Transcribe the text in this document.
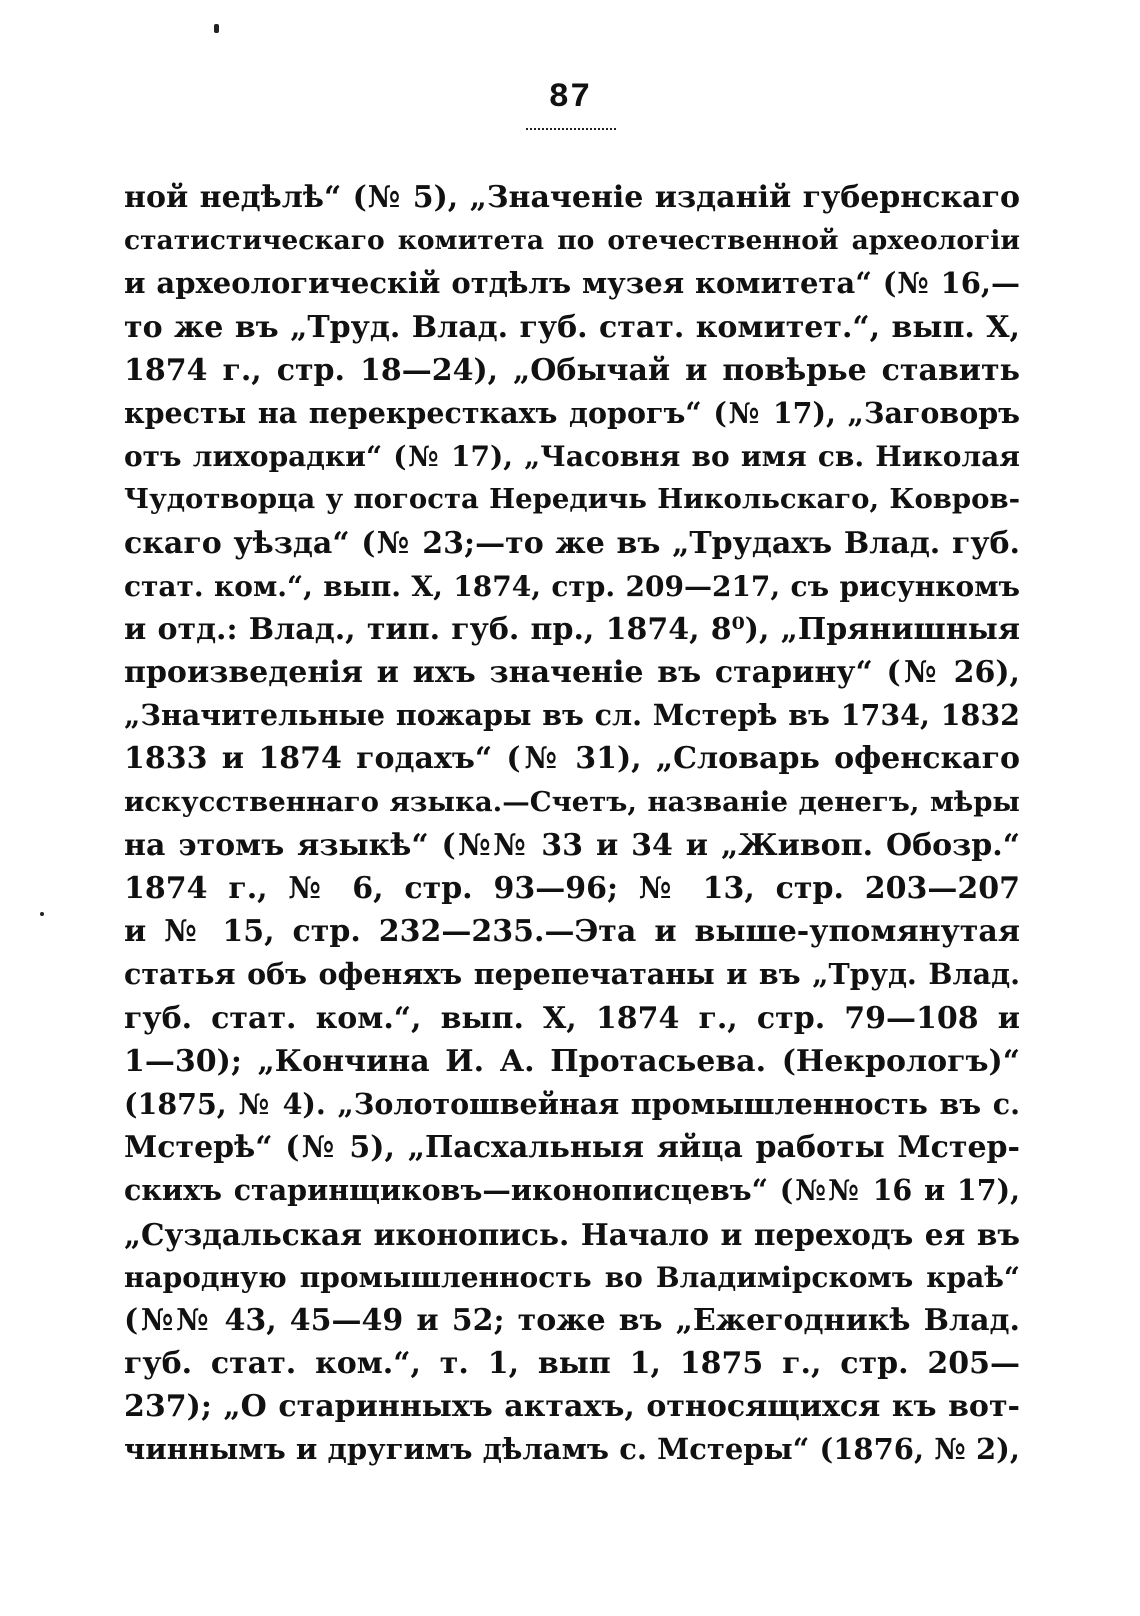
87
ной недѣлѣ“ (№ 5), „Значеніе изданій губернскаго
статистическаго комитета по отечественной археологіи
и археологическій отдѣлъ музея комитета“ (№ 16,—
то же въ „Труд. Влад. губ. стат. комитет.“, вып. X,
1874 г., стр. 18—24), „Обычай и повѣрье ставить
кресты на перекресткахъ дорогъ“ (№ 17), „Заговоръ
отъ лихорадки“ (№ 17), „Часовня во имя св. Николая
Чудотворца у погоста Нередичь Никольскаго, Ковров-
скаго уѣзда“ (№ 23;—то же въ „Трудахъ Влад. губ.
стат. ком.“, вып. X, 1874, стр. 209—217, съ рисункомъ
и отд.: Влад., тип. губ. пр., 1874, 8⁰), „Прянишныя
произведенія и ихъ значеніе въ старину“ (№ 26),
„Значительные пожары въ сл. Мстерѣ въ 1734, 1832
1833 и 1874 годахъ“ (№ 31), „Словарь офенскаго
искусственнаго языка.—Счетъ, названіе денегъ, мѣры
на этомъ языкѣ“ (№№ 33 и 34 и „Живоп. Обозр.“
1874 г., № 6, стр. 93—96; № 13, стр. 203—207
и № 15, стр. 232—235.—Эта и выше-упомянутая
статья объ офеняхъ перепечатаны и въ „Труд. Влад.
губ. стат. ком.“, вып. X, 1874 г., стр. 79—108 и
1—30); „Кончина И. А. Протасьева. (Некрологъ)“
(1875, № 4). „Золотошвейная промышленность въ с.
Мстерѣ“ (№ 5), „Пасхальныя яйца работы Мстер-
скихъ старинщиковъ—иконописцевъ“ (№№ 16 и 17),
„Суздальская иконопись. Начало и переходъ ея въ
народную промышленность во Владимірскомъ краѣ“
(№№ 43, 45—49 и 52; тоже въ „Ежегодникѣ Влад.
губ. стат. ком.“, т. 1, вып 1, 1875 г., стр. 205—
237); „О старинныхъ актахъ, относящихся къ вот-
чиннымъ и другимъ дѣламъ с. Мстеры“ (1876, № 2),
